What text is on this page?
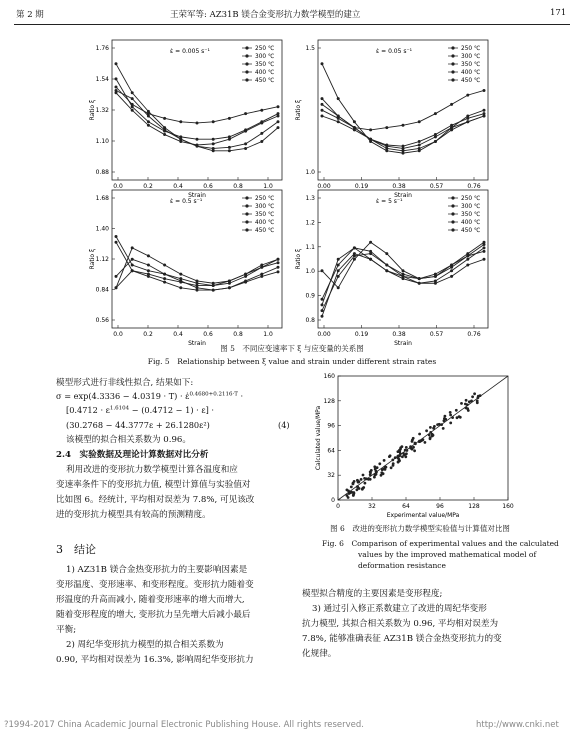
第 2 期	王荣军等: AZ31B 镁合金变形抗力数学模型的建立	171
1.76
1.54
1.32
1.10
0.88
0.0	0.2	0.4	0.6	0.8	1.0
Strain
Ratio ξ
ε̇ = 0.005 s⁻¹	250 ℃
300 ℃
350 ℃
400 ℃
450 ℃
1.5
1.0
0.00	0.19	0.38	0.57	0.76
Strain
Ratio ξ
ε̇ = 0.05 s⁻¹	250 ℃
300 ℃
350 ℃
400 ℃
450 ℃
1.68
1.40
1.12
0.84
0.56
0.0	0.2	0.4	0.6	0.8	1.0
Strain
Ratio ξ
ε̇ = 0.5 s⁻¹	250 ℃
300 ℃
350 ℃
400 ℃
450 ℃
1.3
1.2
1.1
1.0
0.9
0.8
0.00	0.19	0.38	0.57	0.76
Strain
Ratio ξ
ε̇ = 5 s⁻¹	250 ℃
300 ℃
350 ℃
400 ℃
450 ℃
图 5　不同应变速率下 ξ 与应变量的关系图
Fig. 5　Relationship between ξ value and strain under different strain rates
模型形式进行非线性拟合, 结果如下:
σ = exp(4.3336 − 4.0319 · T) · ε̇$^{0.4680+0.2116\cdot T}$ ·
$[0.4712 \cdot \varepsilon^{1.6104} - (0.4712 - 1) \cdot \varepsilon]$ ·
(30.2768 − 44.3777ε + 26.1280ε²)	(4)
该模型的拟合相关系数为 0.96。
2.4　实验数据及理论计算数据对比分析
利用改进的变形抗力数学模型计算各温度和应
变速率条件下的变形抗力值, 模型计算值与实验值对
比如图 6。经统计, 平均相对误差为 7.8%, 可见该改
进的变形抗力模型具有较高的预测精度。
3　结论
1) AZ31B 镁合金热变形抗力的主要影响因素是
变形温度、变形速率、和变形程度。变形抗力随着变
形温度的升高而减小, 随着变形速率的增大而增大,
随着变形程度的增大, 变形抗力呈先增大后减小最后
平衡;
2) 周纪华变形抗力模型的拟合相关系数为
0.90, 平均相对误差为 16.3%, 影响周纪华变形抗力
0	32	64	96	128	160
160
128
96
64
32
0
Experimental value/MPa
Calculated value/MPa
图 6　改进的变形抗力数学模型实验值与计算值对比图
Fig. 6　Comparison of experimental values and the calculated
values by the improved mathematical model of
deformation resistance
模型拟合精度的主要因素是变形程度;
3) 通过引入修正系数建立了改进的周纪华变形
抗力模型, 其拟合相关系数为 0.96, 平均相对误差为
7.8%, 能够准确表征 AZ31B 镁合金热变形抗力的变
化规律。
?1994-2017 China Academic Journal Electronic Publishing House. All rights reserved.	http://www.cnki.net
